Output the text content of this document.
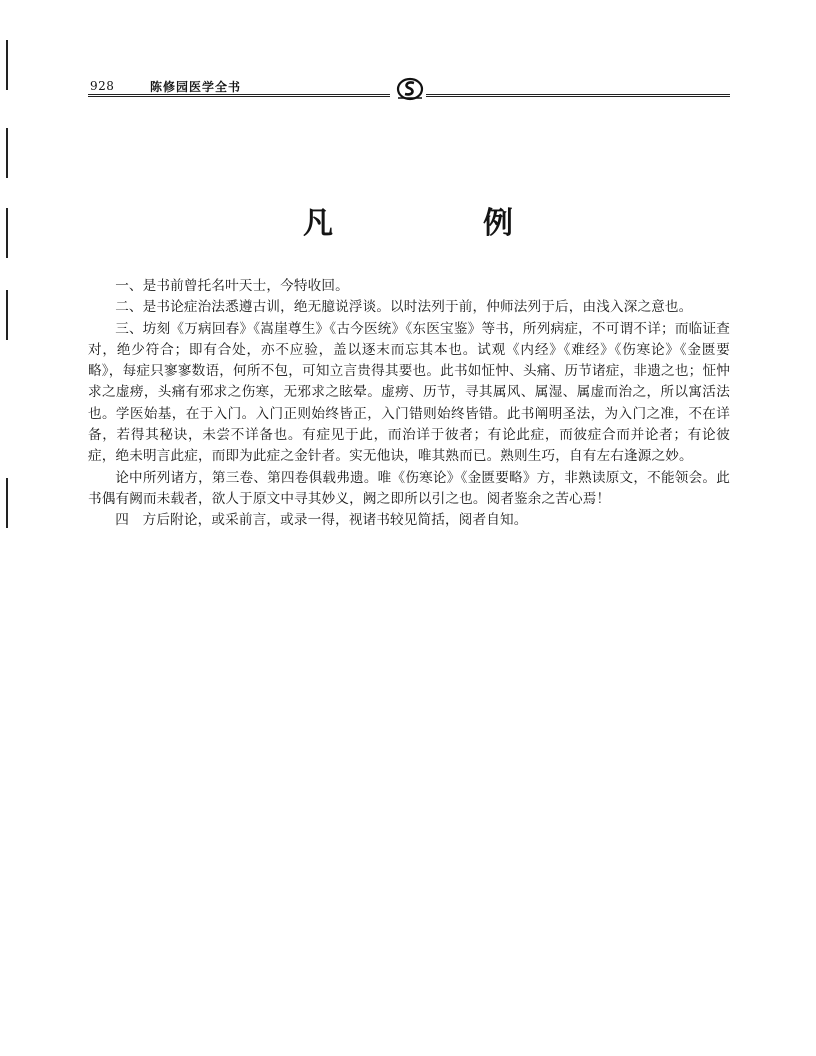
928	陈修园医学全书
凡　例

一、是书前曾托名叶天士，今特收回。

二、是书论症治法悉遵古训，绝无臆说浮谈。以时法列于前，仲师法列于后，由浅入深之意也。

三、坊刻《万病回春》《嵩崖尊生》《古今医统》《东医宝鉴》等书，所列病症，不可谓不详；而临证查对，绝少符合；即有合处，亦不应验，盖以逐末而忘其本也。试观《内经》《难经》《伤寒论》《金匮要略》，每症只寥寥数语，何所不包，可知立言贵得其要也。此书如怔忡、头痛、历节诸症，非遗之也；怔忡求之虚痨，头痛有邪求之伤寒，无邪求之眩晕。虚痨、历节，寻其属风、属湿、属虚而治之，所以寓活法也。学医始基，在于入门。入门正则始终皆正，入门错则始终皆错。此书阐明圣法，为入门之准，不在详备，若得其秘诀，未尝不详备也。有症见于此，而治详于彼者；有论此症，而彼症合而并论者；有论彼症，绝未明言此症，而即为此症之金针者。实无他诀，唯其熟而已。熟则生巧，自有左右逢源之妙。

论中所列诸方，第三卷、第四卷俱载弗遗。唯《伤寒论》《金匮要略》方，非熟读原文，不能领会。此书偶有阙而未载者，欲人于原文中寻其妙义，阙之即所以引之也。阅者鉴余之苦心焉！

四　方后附论，或采前言，或录一得，视诸书较见简括，阅者自知。
